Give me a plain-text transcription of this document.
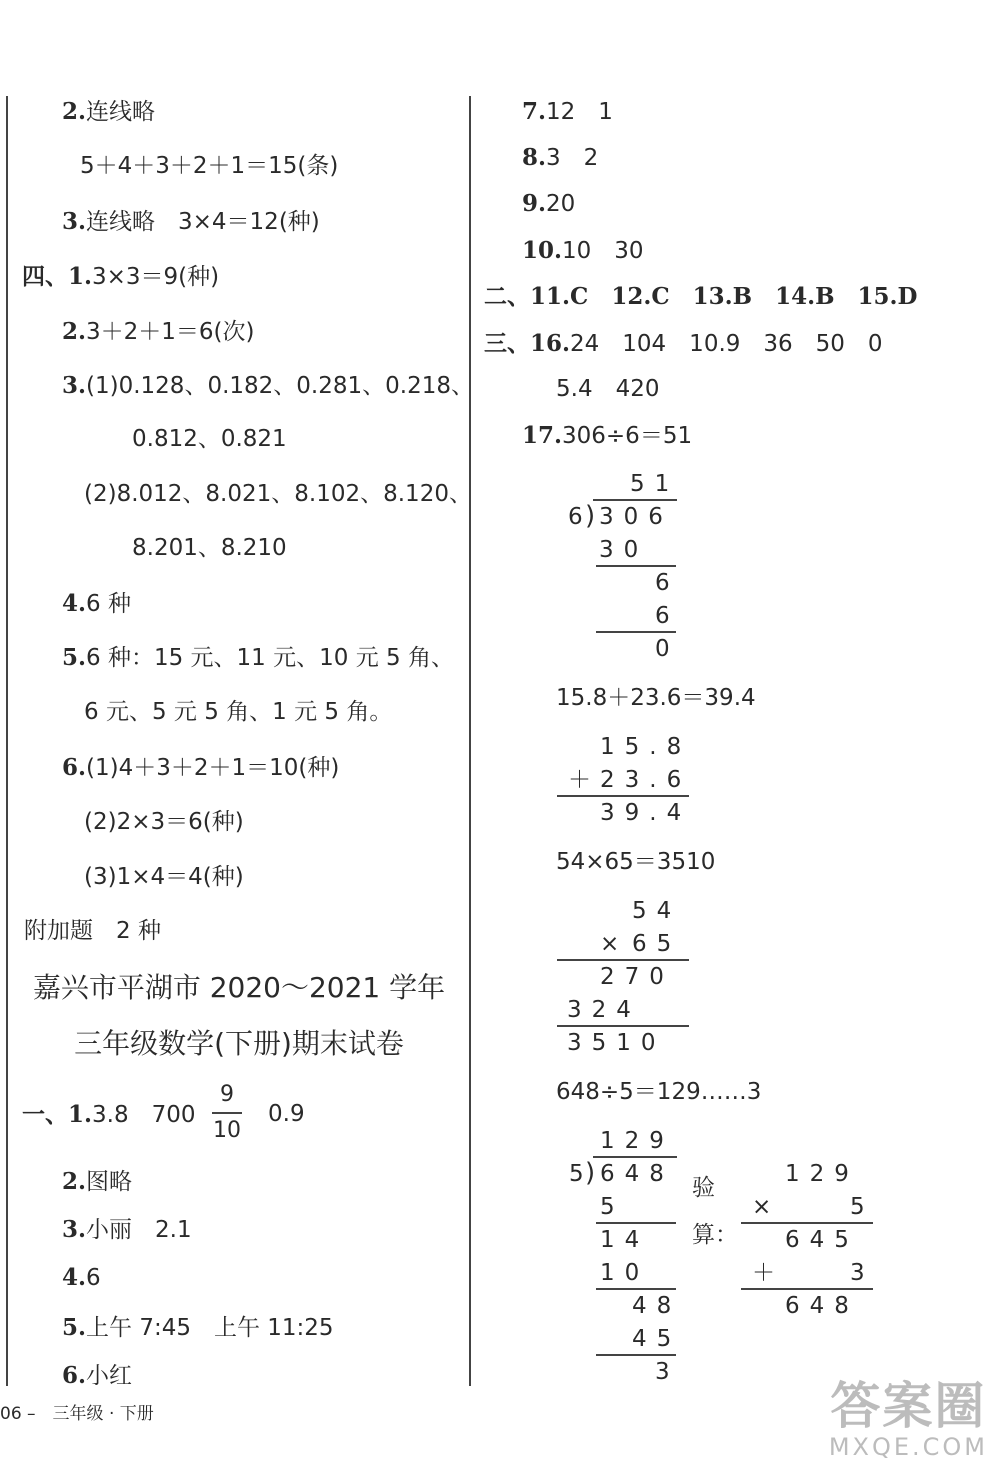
2.连线略
5＋4＋3＋2＋1＝15(条)
3.连线略　3×4＝12(种)
四、1.3×3＝9(种)
2.3＋2＋1＝6(次)
3.(1)0.128、0.182、0.281、0.218、
0.812、0.821
(2)8.012、8.021、8.102、8.120、
8.201、8.210
4.6 种
5.6 种：15 元、11 元、10 元 5 角、
6 元、5 元 5 角、1 元 5 角。
6.(1)4＋3＋2＋1＝10(种)
(2)2×3＝6(种)
(3)1×4＝4(种)
附加题　2 种
嘉兴市平湖市 2020～2021 学年
三年级数学(下册)期末试卷
一、1.3.8　700
9
10
0.9
2.图略
3.小丽　2.1
4.6
5.上午 7:45　上午 11:25
6.小红
06 –　三年级 · 下册
7.12　1
8.3　2
9.20
10.10　30
二、11.C　12.C　13.B　14.B　15.D
三、16.24　104　10.9　36　50　0
5.4　420
17.306÷6＝51
51
6 ) 306
30
6
6
0
15.8＋23.6＝39.4
15.8
＋ 23.6
39.4
54×65＝3510
54
× 65
270
324
3510
648÷5＝129……3
129
5 ) 648
5
14
10
48
45
3
验
算：
129
×	5
645
＋	3
648
答案圈
MXQE.COM
